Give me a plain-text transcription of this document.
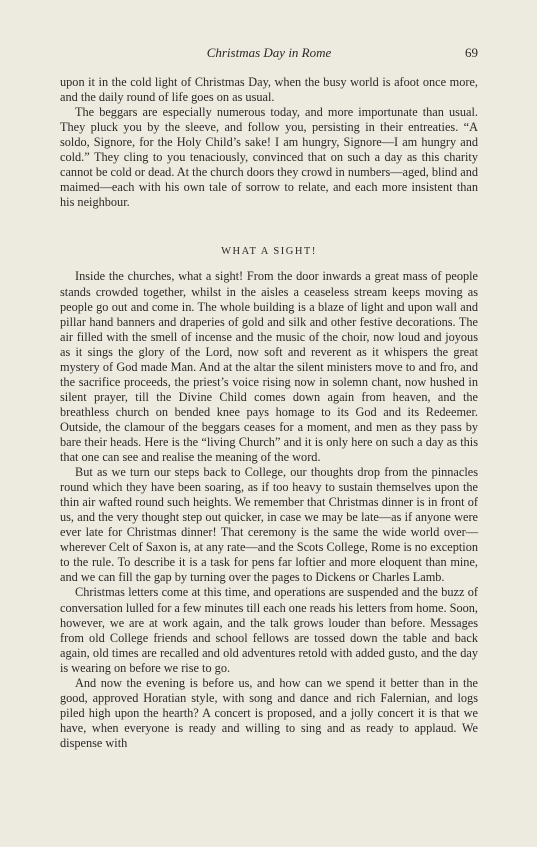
Christmas Day in Rome	69

upon it in the cold light of Christmas Day, when the busy world is afoot once more, and the daily round of life goes on as usual.

The beggars are especially numerous today, and more importunate than usual. They pluck you by the sleeve, and follow you, persisting in their entreaties. “A soldo, Signore, for the Holy Child’s sake! I am hungry, Signore—I am hungry and cold.” They cling to you tenaciously, convinced that on such a day as this charity cannot be cold or dead. At the church doors they crowd in numbers—aged, blind and maimed—each with his own tale of sorrow to relate, and each more insistent than his neighbour.

WHAT A SIGHT!

Inside the churches, what a sight! From the door inwards a great mass of people stands crowded together, whilst in the aisles a ceaseless stream keeps moving as people go out and come in. The whole building is a blaze of light and upon wall and pillar hand banners and draperies of gold and silk and other festive decorations. The air filled with the smell of incense and the music of the choir, now loud and joyous as it sings the glory of the Lord, now soft and reverent as it whispers the great mystery of God made Man. And at the altar the silent ministers move to and fro, and the sacrifice proceeds, the priest’s voice rising now in solemn chant, now hushed in silent prayer, till the Divine Child comes down again from heaven, and the breathless church on bended knee pays homage to its God and its Redeemer. Outside, the clamour of the beggars ceases for a moment, and men as they pass by bare their heads. Here is the “living Church” and it is only here on such a day as this that one can see and realise the meaning of the word.

But as we turn our steps back to College, our thoughts drop from the pinnacles round which they have been soaring, as if too heavy to sustain themselves upon the thin air wafted round such heights. We remember that Christmas dinner is in front of us, and the very thought step out quicker, in case we may be late—as if anyone were ever late for Christmas dinner! That ceremony is the same the wide world over—wherever Celt of Saxon is, at any rate—and the Scots College, Rome is no exception to the rule. To describe it is a task for pens far loftier and more eloquent than mine, and we can fill the gap by turning over the pages to Dickens or Charles Lamb.

Christmas letters come at this time, and operations are suspended and the buzz of conversation lulled for a few minutes till each one reads his letters from home. Soon, however, we are at work again, and the talk grows louder than before. Messages from old College friends and school fellows are tossed down the table and back again, old times are recalled and old adventures retold with added gusto, and the day is wearing on before we rise to go.

And now the evening is before us, and how can we spend it better than in the good, approved Horatian style, with song and dance and rich Falernian, and logs piled high upon the hearth? A concert is proposed, and a jolly concert it is that we have, when everyone is ready and willing to sing and as ready to applaud. We dispense with
